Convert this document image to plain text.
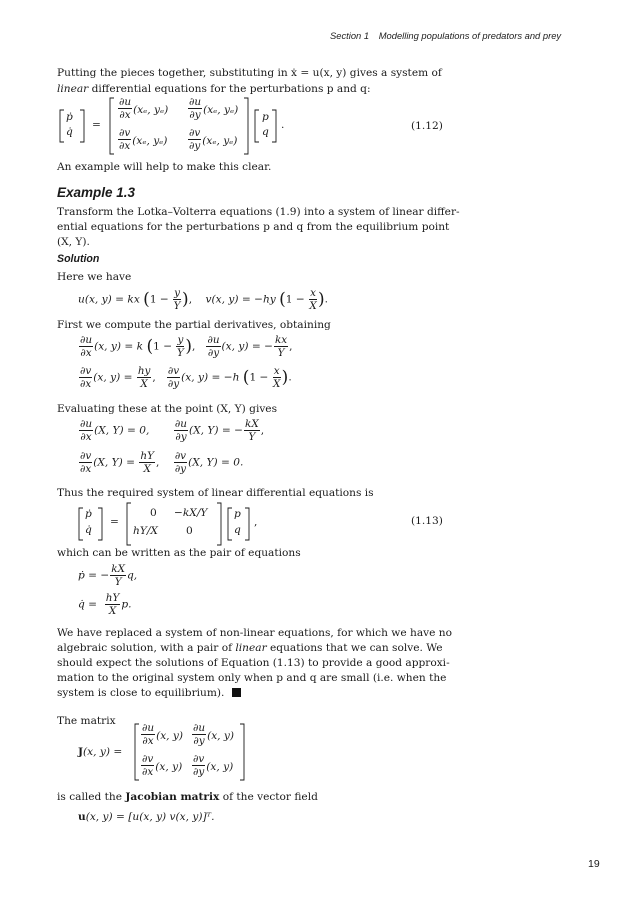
Section 1 Modelling populations of predators and prey
Putting the pieces together, substituting in ẋ = u(x, y) gives a system of
linear differential equations for the perturbations p and q:
ṗ
q̇
=
$\frac{\partial u}{\partial x} (x_e$, $y_e) \frac{\partial u}{\partial y} (x_e$, yₑ)
$\frac{\partial v}{\partial x} (x_e$, $y_e) \frac{\partial v}{\partial y} (x_e$, yₑ)
p
q
.	(1.12)
An example will help to make this clear.
Example 1.3
Transform the Lotka–Volterra equations (1.9) into a system of linear differ-
ential equations for the perturbations p and q from the equilibrium point
(X, Y).
Solution
Here we have
u(x, y) = kx ($1 - \frac{y}{Y}$ ),    v(x, y) = −hy ($1 - \frac{x}{X}$ ).
First we compute the partial derivatives, obtaining
$\frac{\partial u}{\partial x} (x$, y) = k ($1 - \frac{y}{Y}$ ), $\frac{\partial u}{\partial y} (x$, y) = − $\frac{kx}{Y}$ ,
$\frac{\partial v}{\partial x} (x$, $y) = \frac{hy}{X}$ , $\frac{\partial v}{\partial y} (x$, y) = −h ($1 - \frac{x}{X}$ ).
Evaluating these at the point (X, Y) gives
$\frac{\partial u}{\partial x} (X$, Y) = 0, $\frac{\partial u}{\partial y} (X$, Y) = − $\frac{kX}{Y}$ ,
$\frac{\partial v}{\partial x} (X$, $Y) = \frac{hY}{X}$ , $\frac{\partial v}{\partial y} (X$, Y) = 0.
Thus the required system of linear differential equations is
ṗ
q̇
=
0 −kX/Y
hY/X	0
p
q
,	(1.13)
which can be written as the pair of equations
ṗ = − $\frac{kX}{Y} q$,
q̇ = $\frac{hY}{X} p$.
We have replaced a system of non-linear equations, for which we have no
algebraic solution, with a pair of linear equations that we can solve. We
should expect the solutions of Equation (1.13) to provide a good approxi-
mation to the original system only when p and q are small (i.e. when the
system is close to equilibrium).
The matrix
J(x, y) =
$\frac{\partial u}{\partial x} (x$, $y) \frac{\partial u}{\partial y} (x$, y)
$\frac{\partial v}{\partial x} (x$, $y) \frac{\partial v}{\partial y} (x$, y)
is called the Jacobian matrix of the vector field
u(x, y) = [u(x, y) v(x, y)]ᵀ.
19
